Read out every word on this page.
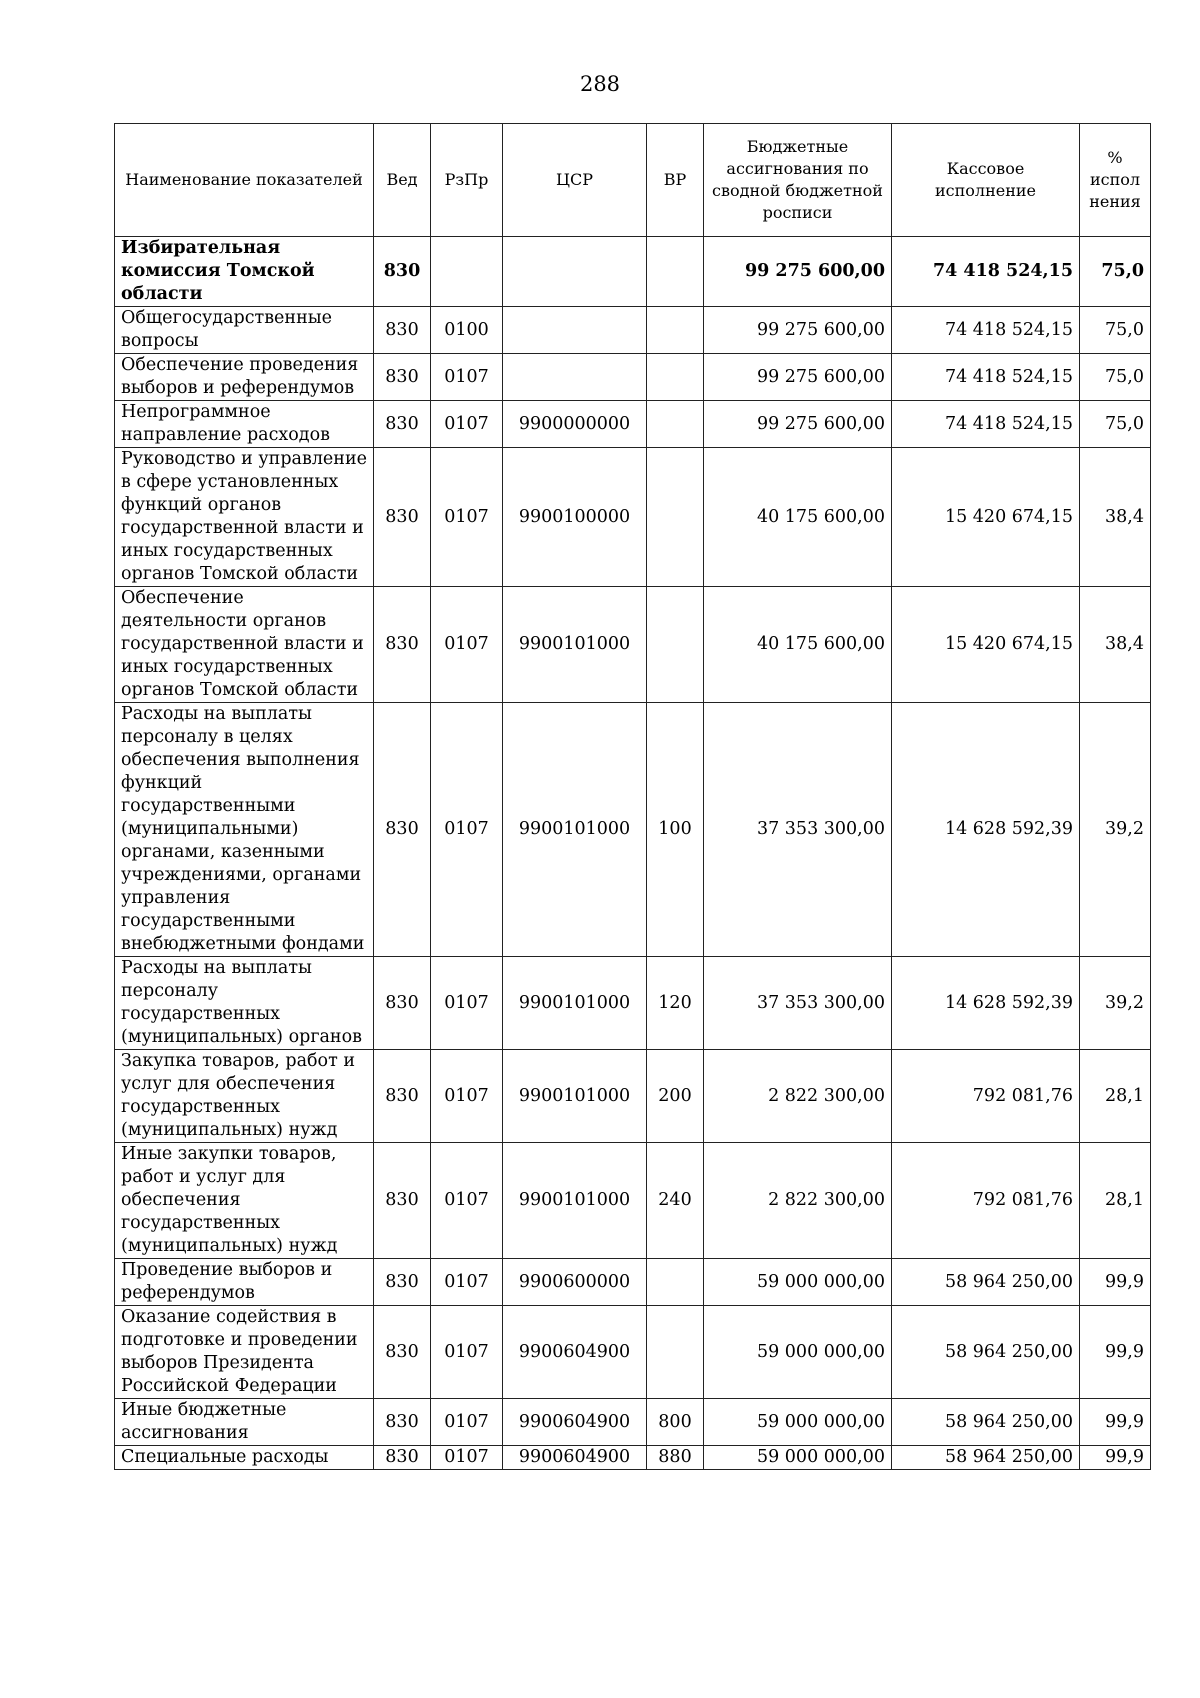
288
Наименование показателей	Вед	РзПр	ЦСР	ВР	Бюджетные ассигнования по сводной бюджетной росписи	Кассовое исполнение	% испол нения
Избирательная комиссия Томской области	830				99 275 600,00	74 418 524,15	75,0
Общегосударственные вопросы	830	0100			99 275 600,00	74 418 524,15	75,0
Обеспечение проведения выборов и референдумов	830	0107			99 275 600,00	74 418 524,15	75,0
Непрограммное направление расходов	830	0107	9900000000		99 275 600,00	74 418 524,15	75,0
Руководство и управление в сфере установленных функций органов государственной власти и иных государственных органов Томской области	830	0107	9900100000		40 175 600,00	15 420 674,15	38,4
Обеспечение деятельности органов государственной власти и иных государственных органов Томской области	830	0107	9900101000		40 175 600,00	15 420 674,15	38,4
Расходы на выплаты персоналу в целях обеспечения выполнения функций государственными (муниципальными) органами, казенными учреждениями, органами управления государственными внебюджетными фондами	830	0107	9900101000	100	37 353 300,00	14 628 592,39	39,2
Расходы на выплаты персоналу государственных (муниципальных) органов	830	0107	9900101000	120	37 353 300,00	14 628 592,39	39,2
Закупка товаров, работ и услуг для обеспечения государственных (муниципальных) нужд	830	0107	9900101000	200	2 822 300,00	792 081,76	28,1
Иные закупки товаров, работ и услуг для обеспечения государственных (муниципальных) нужд	830	0107	9900101000	240	2 822 300,00	792 081,76	28,1
Проведение выборов и референдумов	830	0107	9900600000		59 000 000,00	58 964 250,00	99,9
Оказание содействия в подготовке и проведении выборов Президента Российской Федерации	830	0107	9900604900		59 000 000,00	58 964 250,00	99,9
Иные бюджетные ассигнования	830	0107	9900604900	800	59 000 000,00	58 964 250,00	99,9
Специальные расходы	830	0107	9900604900	880	59 000 000,00	58 964 250,00	99,9
